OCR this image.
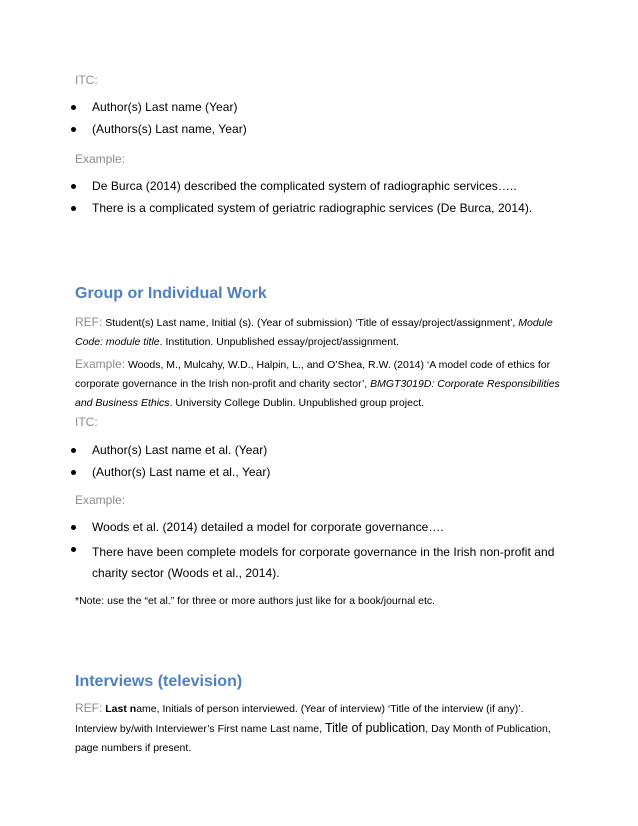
ITC:
Author(s) Last name (Year)
(Authors(s) Last name, Year)
Example:
De Burca (2014) described the complicated system of radiographic services…..
There is a complicated system of geriatric radiographic services (De Burca, 2014).
Group or Individual Work
REF: Student(s) Last name, Initial (s). (Year of submission) ‘Title of essay/project/assignment’, Module
Code: module title. Institution. Unpublished essay/project/assignment.
Example: Woods, M., Mulcahy, W.D., Halpin, L., and O’Shea, R.W. (2014) ‘A model code of ethics for
corporate governance in the Irish non-profit and charity sector’, BMGT3019D: Corporate Responsibilities
and Business Ethics. University College Dublin. Unpublished group project.
ITC:
Author(s) Last name et al. (Year)
(Author(s) Last name et al., Year)
Example:
Woods et al. (2014) detailed a model for corporate governance….
There have been complete models for corporate governance in the Irish non-profit and
charity sector (Woods et al., 2014).
*Note: use the “et al.” for three or more authors just like for a book/journal etc.
Interviews (television)
REF: Last name, Initials of person interviewed. (Year of interview) ‘Title of the interview (if any)’.
Interview by/with Interviewer’s First name Last name, Title of publication, Day Month of Publication,
page numbers if present.
